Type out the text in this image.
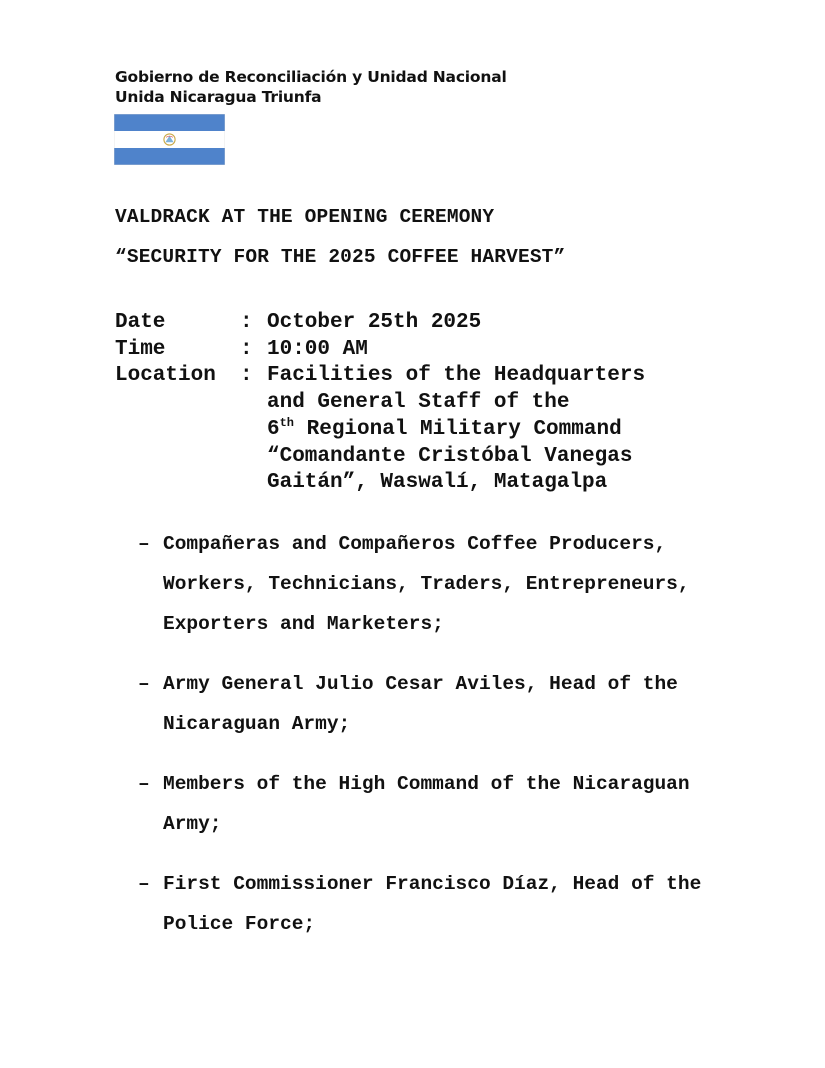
Gobierno de Reconciliación y Unidad Nacional
Unida Nicaragua Triunfa
VALDRACK AT THE OPENING CEREMONY
“SECURITY FOR THE 2025 COFFEE HARVEST”
Date	: October 25th 2025
Time	: 10:00 AM
Location	: Facilities of the Headquarters
and General Staff of the
6th Regional Military Command
“Comandante Cristóbal Vanegas
Gaitán”, Waswalí, Matagalpa
– Compañeras and Compañeros Coffee Producers, Workers, Technicians, Traders, Entrepreneurs, Exporters and Marketers;
– Army General Julio Cesar Aviles, Head of the Nicaraguan Army;
– Members of the High Command of the Nicaraguan Army;
– First Commissioner Francisco Díaz, Head of the Police Force;
